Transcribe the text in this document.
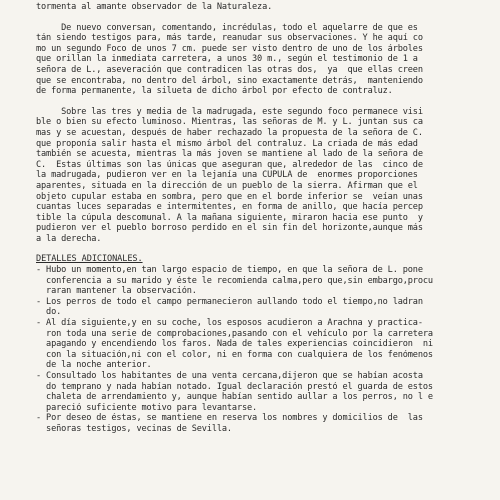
tormenta al amante observador de la Naturaleza.
De nuevo conversan, comentando, incrédulas, todo el aquelarre de que es
tán siendo testigos para, más tarde, reanudar sus observaciones. Y he aquí co
mo un segundo Foco de unos 7 cm. puede ser visto dentro de uno de los árboles
que orillan la inmediata carretera, a unos 30 m., según el testimonio de 1 a
señora de L., aseveración que contradicen las otras dos,  ya  que ellas creen
que se encontraba, no dentro del árbol, sino exactamente detrás,  manteniendo
de forma permanente, la silueta de dicho árbol por efecto de contraluz.
Sobre las tres y media de la madrugada, este segundo foco permanece visi
ble o bien su efecto luminoso. Mientras, las señoras de M. y L. juntan sus ca
mas y se acuestan, después de haber rechazado la propuesta de la señora de C.
que proponía salir hasta el mismo árbol del contraluz. La criada de más edad
también se acuesta, mientras la más joven se mantiene al lado de la señora de
C.  Estas últimas son las únicas que aseguran que, alrededor de las  cinco de
la madrugada, pudieron ver en la lejanía una CUPULA de  enormes proporciones
aparentes, situada en la dirección de un pueblo de la sierra. Afirman que el
objeto cupular estaba en sombra, pero que en el borde inferior se  veían unas
cuantas luces separadas e intermitentes, en forma de anillo, que hacía percep
tible la cúpula descomunal. A la mañana siguiente, miraron hacia ese punto  y
pudieron ver el pueblo borroso perdido en el sin fin del horizonte,aunque más
a la derecha.
DETALLES ADICIONALES.
- Hubo un momento,en tan largo espacio de tiempo, en que la señora de L. pone
conferencia a su marido y éste le recomienda calma,pero que,sin embargo,procu
raran mantener la observación.
- Los perros de todo el campo permanecieron aullando todo el tiempo,no ladran
do.
- Al día siguiente,y en su coche, los esposos acudieron a Arachna y practica-
ron toda una serie de comprobaciones,pasando con el vehículo por la carretera
apagando y encendiendo los faros. Nada de tales experiencias coincidieron  ni
con la situación,ni con el color, ni en forma con cualquiera de los fenómenos
de la noche anterior.
- Consultado los habitantes de una venta cercana,dijeron que se habían acosta
do temprano y nada habían notado. Igual declaración prestó el guarda de estos
chaleta de arrendamiento y, aunque habían sentido aullar a los perros, no l e
pareció suficiente motivo para levantarse.
- Por deseo de éstas, se mantiene en reserva los nombres y domicilios de  las
señoras testigos, vecinas de Sevilla.
